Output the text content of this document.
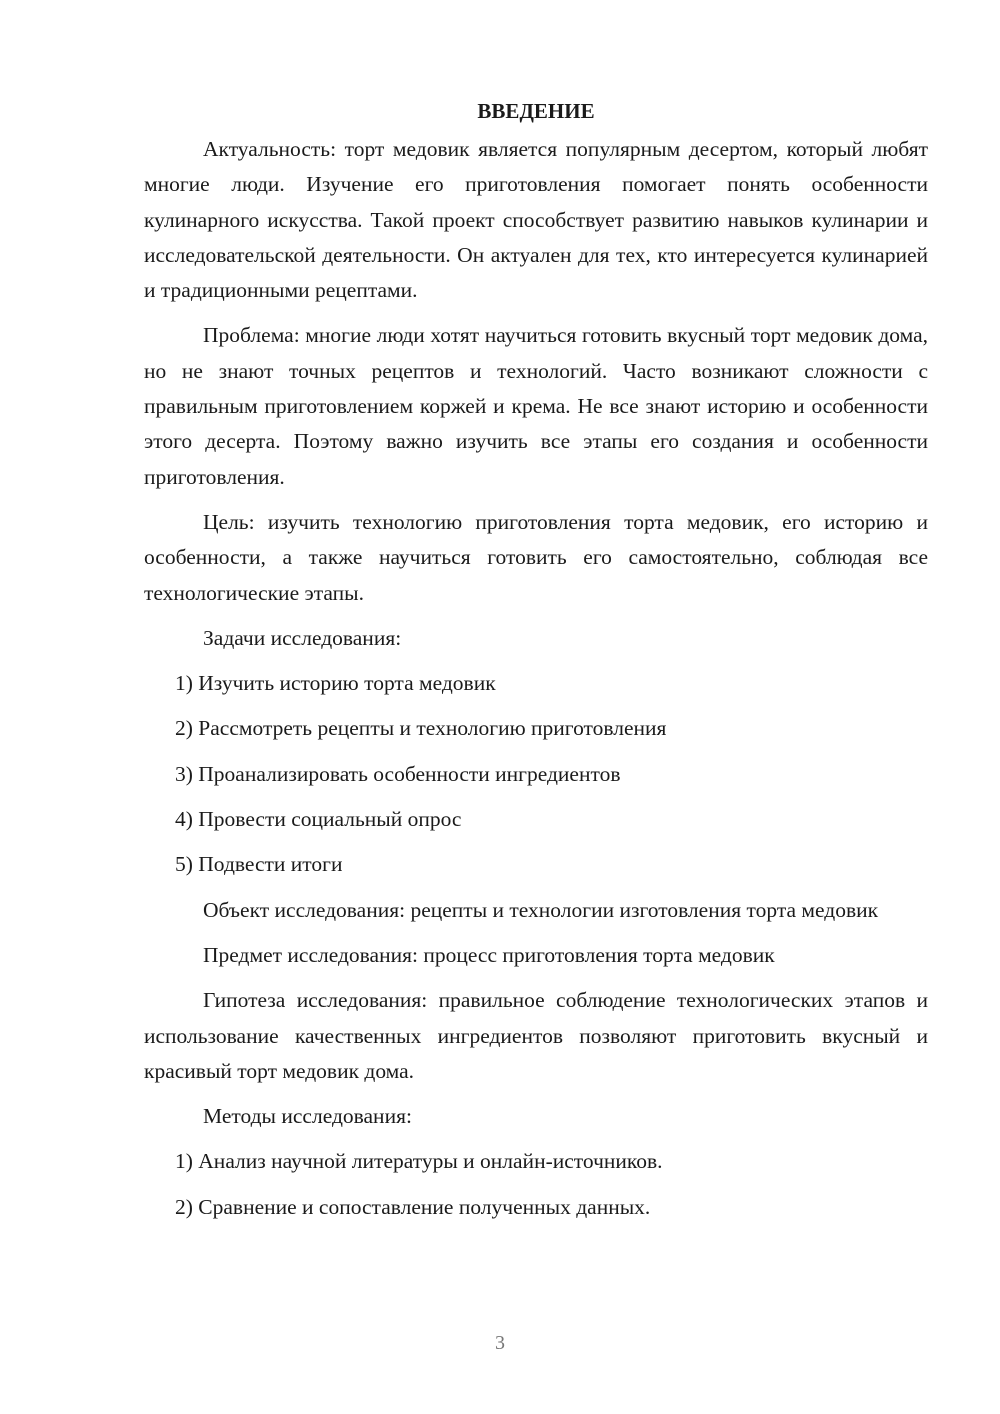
ВВЕДЕНИЕ

Актуальность: торт медовик является популярным десертом, который любят многие люди. Изучение его приготовления помогает понять особенности кулинарного искусства. Такой проект способствует развитию навыков кулинарии и исследовательской деятельности. Он актуален для тех, кто интересуется кулинарией и традиционными рецептами.

Проблема: многие люди хотят научиться готовить вкусный торт медовик дома, но не знают точных рецептов и технологий. Часто возникают сложности с правильным приготовлением коржей и крема. Не все знают историю и особенности этого десерта. Поэтому важно изучить все этапы его создания и особенности приготовления.

Цель: изучить технологию приготовления торта медовик, его историю и особенности, а также научиться готовить его самостоятельно, соблюдая все технологические этапы.

Задачи исследования:
1) Изучить историю торта медовик
2) Рассмотреть рецепты и технологию приготовления
3) Проанализировать особенности ингредиентов
4) Провести социальный опрос
5) Подвести итоги

Объект исследования: рецепты и технологии изготовления торта медовик

Предмет исследования: процесс приготовления торта медовик

Гипотеза исследования: правильное соблюдение технологических этапов и использование качественных ингредиентов позволяют приготовить вкусный и красивый торт медовик дома.

Методы исследования:
1) Анализ научной литературы и онлайн-источников.
2) Сравнение и сопоставление полученных данных.
3
